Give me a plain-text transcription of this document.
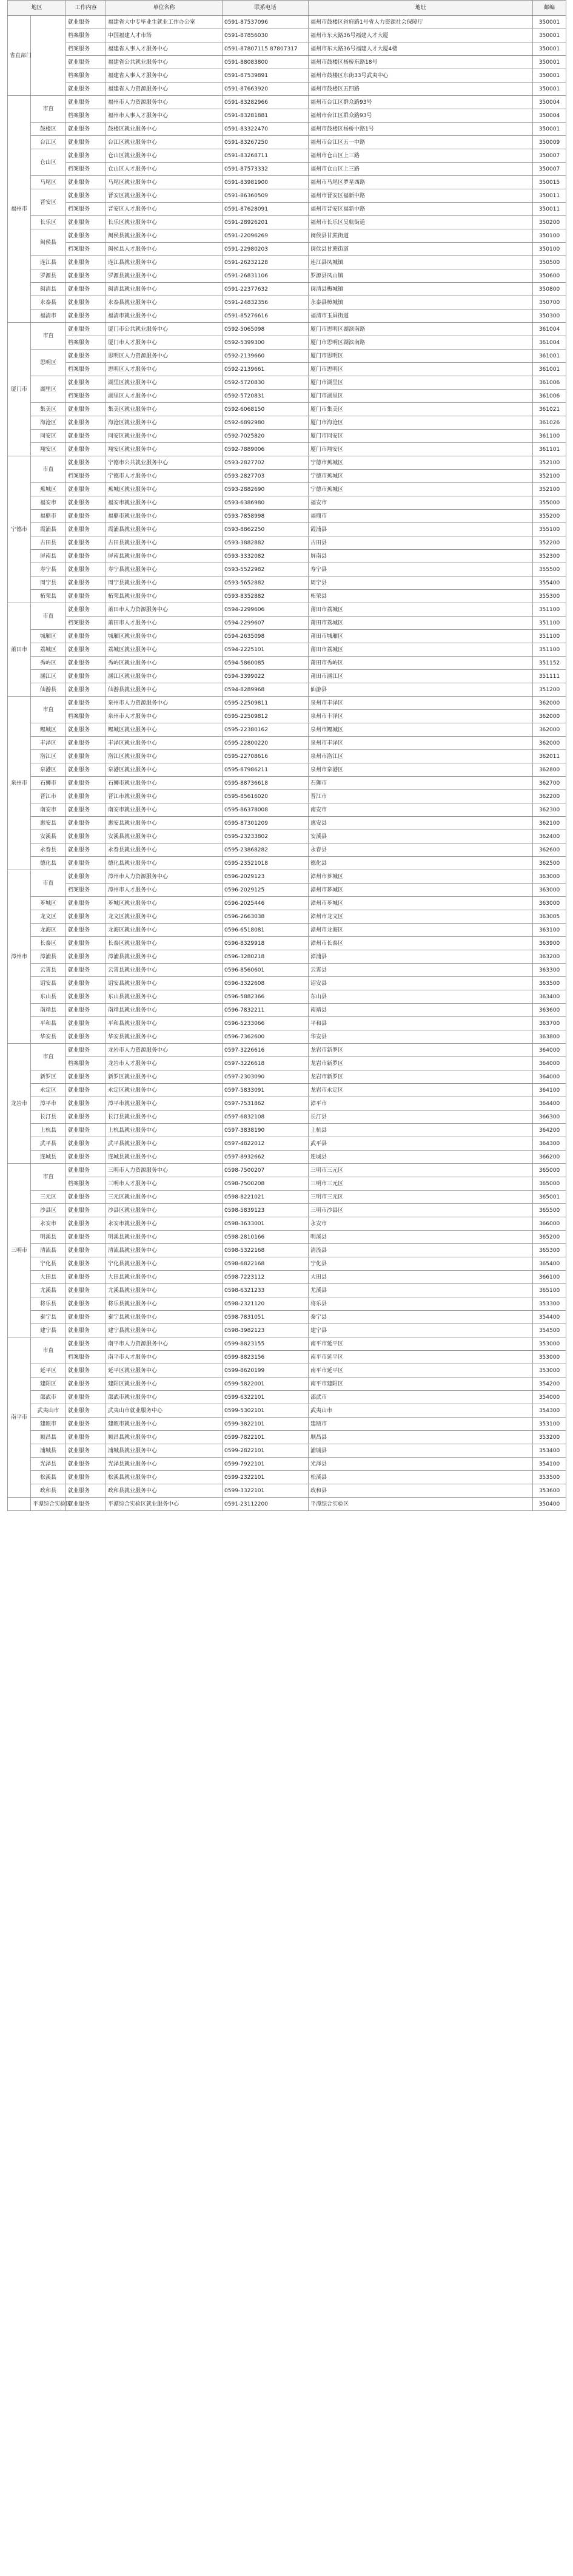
地区		工作内容	单位名称	联系电话	地址	邮编
省直部门		就业服务	福建省大中专毕业生就业工作办公室	0591-87537096	福州市鼓楼区省府路1号省人力资源社会保障厅	350001
		档案服务	中国福建人才市场	0591-87856030	福州市东大路36号福建人才大厦	350001
		档案服务	福建省人事人才服务中心	0591-87807115 87807317	福州市东大路36号福建人才大厦4楼	350001
		就业服务	福建省公共就业服务中心	0591-88083800	福州市鼓楼区杨桥东路18号	350001
		档案服务	福建省人事人才服务中心	0591-87539891	福州市鼓楼区东街33号武夷中心	350001
		就业服务	福建省人力资源服务中心	0591-87663920	福州市鼓楼区五四路	350001
福州市	市直	就业服务	福州市人力资源服务中心	0591-83282966	福州市台江区群众路93号	350004
		档案服务	福州市人事人才服务中心	0591-83281881	福州市台江区群众路93号	350004
	鼓楼区	就业服务	鼓楼区就业服务中心	0591-83322470	福州市鼓楼区杨桥中路1号	350001
	台江区	就业服务	台江区就业服务中心	0591-83267250	福州市台江区五一中路	350009
	仓山区	就业服务	仓山区就业服务中心	0591-83268711	福州市仓山区上三路	350007
		档案服务	仓山区人才服务中心	0591-87573332	福州市仓山区上三路	350007
	马尾区	就业服务	马尾区就业服务中心	0591-83981900	福州市马尾区罗星西路	350015
	晋安区	就业服务	晋安区就业服务中心	0591-86360509	福州市晋安区福新中路	350011
		档案服务	晋安区人才服务中心	0591-87628091	福州市晋安区福新中路	350011
	长乐区	就业服务	长乐区就业服务中心	0591-28926201	福州市长乐区吴航街道	350200
	闽侯县	就业服务	闽侯县就业服务中心	0591-22096269	闽侯县甘蔗街道	350100
		档案服务	闽侯县人才服务中心	0591-22980203	闽侯县甘蔗街道	350100
	连江县	就业服务	连江县就业服务中心	0591-26232128	连江县凤城镇	350500
	罗源县	就业服务	罗源县就业服务中心	0591-26831106	罗源县凤山镇	350600
	闽清县	就业服务	闽清县就业服务中心	0591-22377632	闽清县梅城镇	350800
	永泰县	就业服务	永泰县就业服务中心	0591-24832356	永泰县樟城镇	350700
	福清市	就业服务	福清市就业服务中心	0591-85276616	福清市玉屏街道	350300
厦门市	市直	就业服务	厦门市公共就业服务中心	0592-5065098	厦门市思明区湖滨南路	361004
		档案服务	厦门市人才服务中心	0592-5399300	厦门市思明区湖滨南路	361004
	思明区	就业服务	思明区人力资源服务中心	0592-2139660	厦门市思明区	361001
		档案服务	思明区人才服务中心	0592-2139661	厦门市思明区	361001
	湖里区	就业服务	湖里区就业服务中心	0592-5720830	厦门市湖里区	361006
		档案服务	湖里区人才服务中心	0592-5720831	厦门市湖里区	361006
	集美区	就业服务	集美区就业服务中心	0592-6068150	厦门市集美区	361021
	海沧区	就业服务	海沧区就业服务中心	0592-6892980	厦门市海沧区	361026
	同安区	就业服务	同安区就业服务中心	0592-7025820	厦门市同安区	361100
	翔安区	就业服务	翔安区就业服务中心	0592-7889006	厦门市翔安区	361101
宁德市	市直	就业服务	宁德市公共就业服务中心	0593-2827702	宁德市蕉城区	352100
		档案服务	宁德市人才服务中心	0593-2827703	宁德市蕉城区	352100
	蕉城区	就业服务	蕉城区就业服务中心	0593-2882690	宁德市蕉城区	352100
	福安市	就业服务	福安市就业服务中心	0593-6386980	福安市	355000
	福鼎市	就业服务	福鼎市就业服务中心	0593-7858998	福鼎市	355200
	霞浦县	就业服务	霞浦县就业服务中心	0593-8862250	霞浦县	355100
	古田县	就业服务	古田县就业服务中心	0593-3882882	古田县	352200
	屏南县	就业服务	屏南县就业服务中心	0593-3332082	屏南县	352300
	寿宁县	就业服务	寿宁县就业服务中心	0593-5522982	寿宁县	355500
	周宁县	就业服务	周宁县就业服务中心	0593-5652882	周宁县	355400
	柘荣县	就业服务	柘荣县就业服务中心	0593-8352882	柘荣县	355300
莆田市	市直	就业服务	莆田市人力资源服务中心	0594-2299606	莆田市荔城区	351100
		档案服务	莆田市人才服务中心	0594-2299607	莆田市荔城区	351100
	城厢区	就业服务	城厢区就业服务中心	0594-2635098	莆田市城厢区	351100
	荔城区	就业服务	荔城区就业服务中心	0594-2225101	莆田市荔城区	351100
	秀屿区	就业服务	秀屿区就业服务中心	0594-5860085	莆田市秀屿区	351152
	涵江区	就业服务	涵江区就业服务中心	0594-3399022	莆田市涵江区	351111
	仙游县	就业服务	仙游县就业服务中心	0594-8289968	仙游县	351200
泉州市	市直	就业服务	泉州市人力资源服务中心	0595-22509811	泉州市丰泽区	362000
		档案服务	泉州市人才服务中心	0595-22509812	泉州市丰泽区	362000
	鲤城区	就业服务	鲤城区就业服务中心	0595-22380162	泉州市鲤城区	362000
	丰泽区	就业服务	丰泽区就业服务中心	0595-22800220	泉州市丰泽区	362000
	洛江区	就业服务	洛江区就业服务中心	0595-22708616	泉州市洛江区	362011
	泉港区	就业服务	泉港区就业服务中心	0595-87986211	泉州市泉港区	362800
	石狮市	就业服务	石狮市就业服务中心	0595-88736618	石狮市	362700
	晋江市	就业服务	晋江市就业服务中心	0595-85616020	晋江市	362200
	南安市	就业服务	南安市就业服务中心	0595-86378008	南安市	362300
	惠安县	就业服务	惠安县就业服务中心	0595-87301209	惠安县	362100
	安溪县	就业服务	安溪县就业服务中心	0595-23233802	安溪县	362400
	永春县	就业服务	永春县就业服务中心	0595-23868282	永春县	362600
	德化县	就业服务	德化县就业服务中心	0595-23521018	德化县	362500
漳州市	市直	就业服务	漳州市人力资源服务中心	0596-2029123	漳州市芗城区	363000
		档案服务	漳州市人才服务中心	0596-2029125	漳州市芗城区	363000
	芗城区	就业服务	芗城区就业服务中心	0596-2025446	漳州市芗城区	363000
	龙文区	就业服务	龙文区就业服务中心	0596-2663038	漳州市龙文区	363005
	龙海区	就业服务	龙海区就业服务中心	0596-6518081	漳州市龙海区	363100
	长泰区	就业服务	长泰区就业服务中心	0596-8329918	漳州市长泰区	363900
	漳浦县	就业服务	漳浦县就业服务中心	0596-3280218	漳浦县	363200
	云霄县	就业服务	云霄县就业服务中心	0596-8560601	云霄县	363300
	诏安县	就业服务	诏安县就业服务中心	0596-3322608	诏安县	363500
	东山县	就业服务	东山县就业服务中心	0596-5882366	东山县	363400
	南靖县	就业服务	南靖县就业服务中心	0596-7832211	南靖县	363600
	平和县	就业服务	平和县就业服务中心	0596-5233066	平和县	363700
	华安县	就业服务	华安县就业服务中心	0596-7362600	华安县	363800
龙岩市	市直	就业服务	龙岩市人力资源服务中心	0597-3226616	龙岩市新罗区	364000
		档案服务	龙岩市人才服务中心	0597-3226618	龙岩市新罗区	364000
	新罗区	就业服务	新罗区就业服务中心	0597-2303090	龙岩市新罗区	364000
	永定区	就业服务	永定区就业服务中心	0597-5833091	龙岩市永定区	364100
	漳平市	就业服务	漳平市就业服务中心	0597-7531862	漳平市	364400
	长汀县	就业服务	长汀县就业服务中心	0597-6832108	长汀县	366300
	上杭县	就业服务	上杭县就业服务中心	0597-3838190	上杭县	364200
	武平县	就业服务	武平县就业服务中心	0597-4822012	武平县	364300
	连城县	就业服务	连城县就业服务中心	0597-8932662	连城县	366200
三明市	市直	就业服务	三明市人力资源服务中心	0598-7500207	三明市三元区	365000
		档案服务	三明市人才服务中心	0598-7500208	三明市三元区	365000
	三元区	就业服务	三元区就业服务中心	0598-8221021	三明市三元区	365001
	沙县区	就业服务	沙县区就业服务中心	0598-5839123	三明市沙县区	365500
	永安市	就业服务	永安市就业服务中心	0598-3633001	永安市	366000
	明溪县	就业服务	明溪县就业服务中心	0598-2810166	明溪县	365200
	清流县	就业服务	清流县就业服务中心	0598-5322168	清流县	365300
	宁化县	就业服务	宁化县就业服务中心	0598-6822168	宁化县	365400
	大田县	就业服务	大田县就业服务中心	0598-7223112	大田县	366100
	尤溪县	就业服务	尤溪县就业服务中心	0598-6321233	尤溪县	365100
	将乐县	就业服务	将乐县就业服务中心	0598-2321120	将乐县	353300
	泰宁县	就业服务	泰宁县就业服务中心	0598-7831051	泰宁县	354400
	建宁县	就业服务	建宁县就业服务中心	0598-3982123	建宁县	354500
南平市	市直	就业服务	南平市人力资源服务中心	0599-8823155	南平市延平区	353000
		档案服务	南平市人才服务中心	0599-8823156	南平市延平区	353000
	延平区	就业服务	延平区就业服务中心	0599-8620199	南平市延平区	353000
	建阳区	就业服务	建阳区就业服务中心	0599-5822001	南平市建阳区	354200
	邵武市	就业服务	邵武市就业服务中心	0599-6322101	邵武市	354000
	武夷山市	就业服务	武夷山市就业服务中心	0599-5302101	武夷山市	354300
	建瓯市	就业服务	建瓯市就业服务中心	0599-3822101	建瓯市	353100
	顺昌县	就业服务	顺昌县就业服务中心	0599-7822101	顺昌县	353200
	浦城县	就业服务	浦城县就业服务中心	0599-2822101	浦城县	353400
	光泽县	就业服务	光泽县就业服务中心	0599-7922101	光泽县	354100
	松溪县	就业服务	松溪县就业服务中心	0599-2322101	松溪县	353500
	政和县	就业服务	政和县就业服务中心	0599-3322101	政和县	353600
	平潭综合实验区	就业服务	平潭综合实验区就业服务中心	0591-23112200	平潭综合实验区	350400
